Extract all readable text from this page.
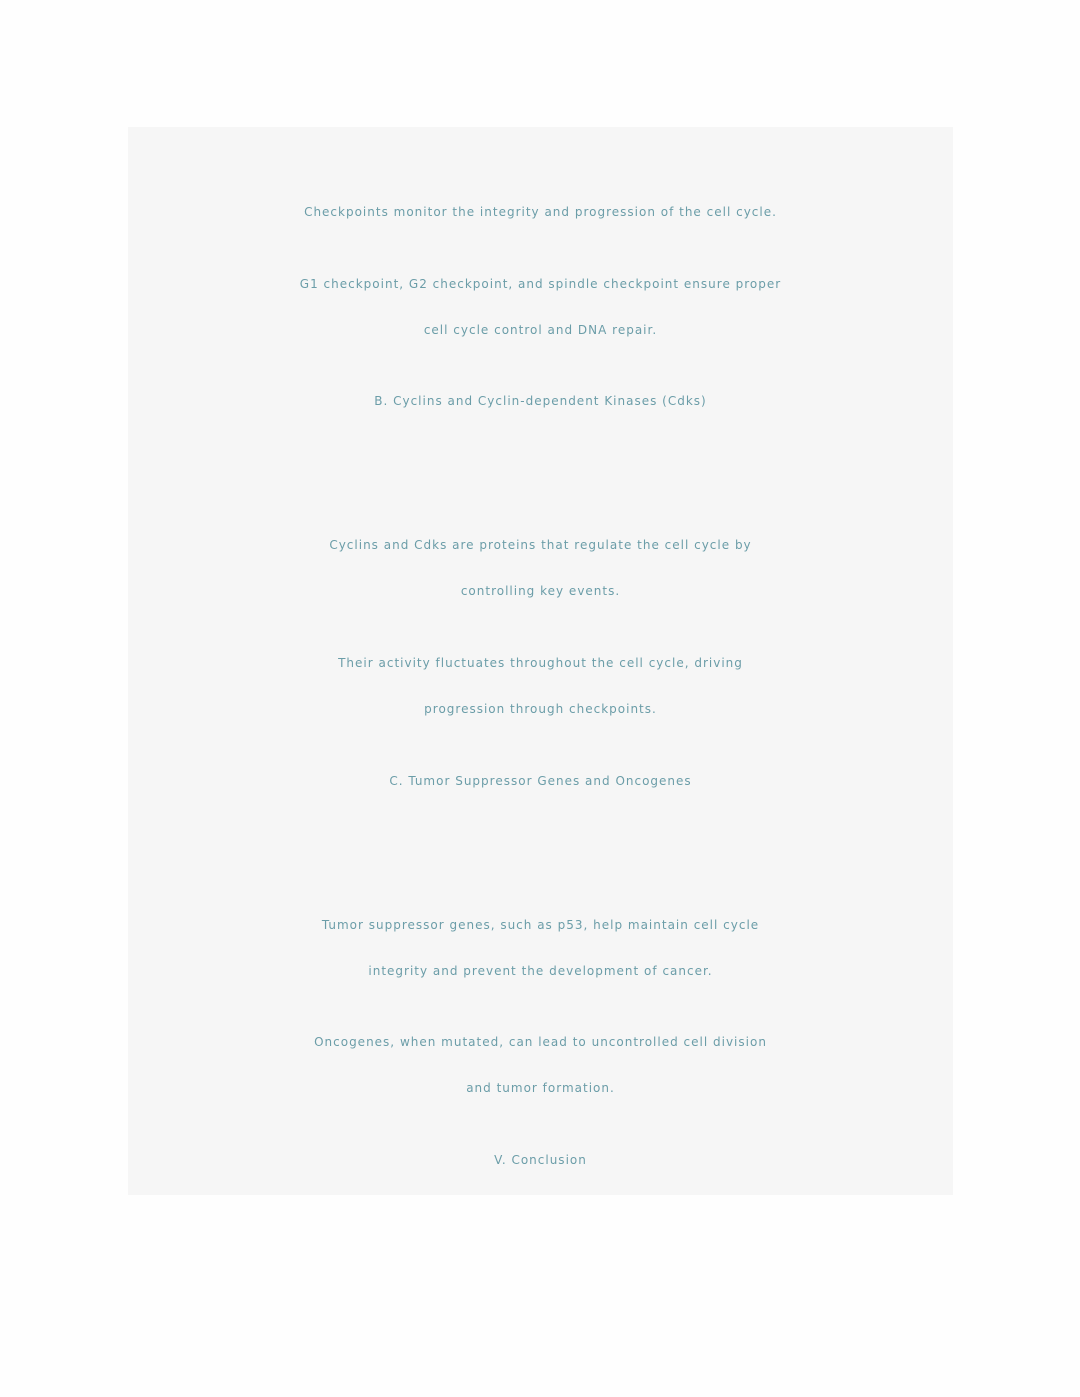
Checkpoints monitor the integrity and progression of the cell cycle.
G1 checkpoint, G2 checkpoint, and spindle checkpoint ensure proper
cell cycle control and DNA repair.
B. Cyclins and Cyclin-dependent Kinases (Cdks)
Cyclins and Cdks are proteins that regulate the cell cycle by
controlling key events.
Their activity fluctuates throughout the cell cycle, driving
progression through checkpoints.
C. Tumor Suppressor Genes and Oncogenes
Tumor suppressor genes, such as p53, help maintain cell cycle
integrity and prevent the development of cancer.
Oncogenes, when mutated, can lead to uncontrolled cell division
and tumor formation.
V. Conclusion
